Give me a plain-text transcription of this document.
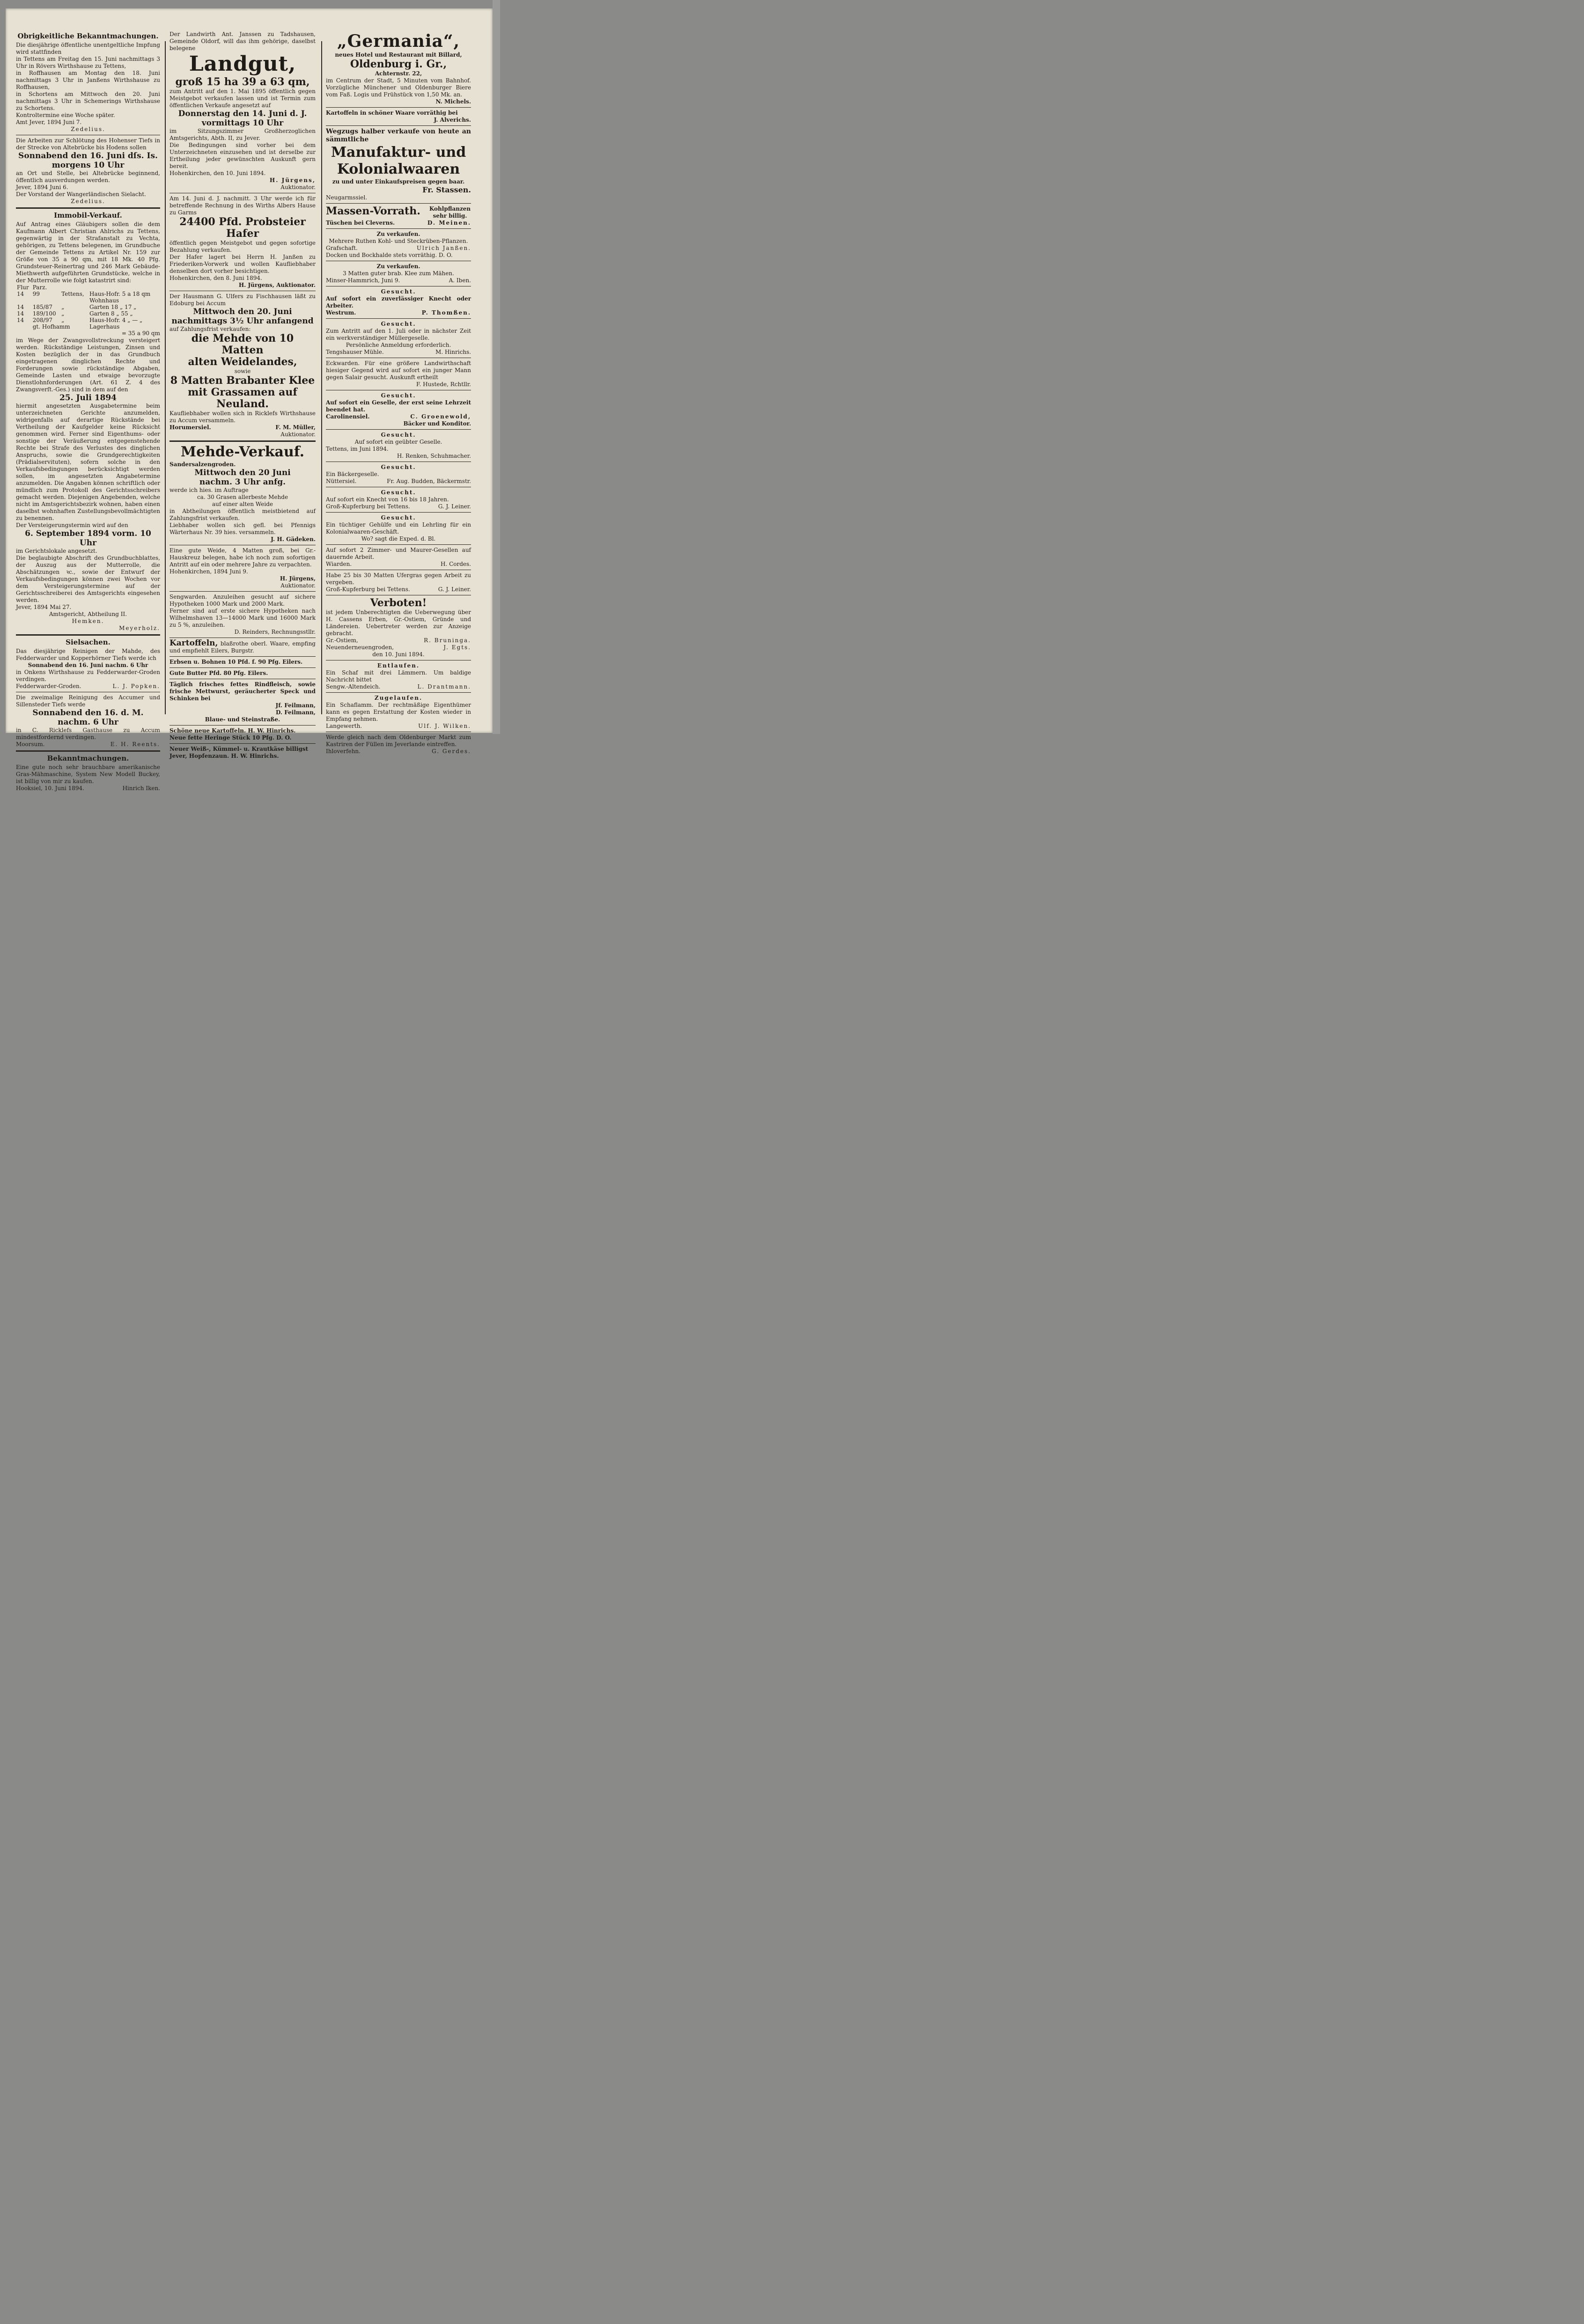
Obrigkeitliche Bekanntmachungen.

Die diesjährige öffentliche unentgeltliche Impfung wird stattfinden

in Tettens am Freitag den 15. Juni nachmittags 3 Uhr in Rövers Wirthshause zu Tettens,

in Roffhausen am Montag den 18. Juni nachmittags 3 Uhr in Janßens Wirthshause zu Roffhausen,

in Schortens am Mittwoch den 20. Juni nachmittags 3 Uhr in Schemerings Wirthshause zu Schortens.

Kontroltermine eine Woche später.

Amt Jever, 1894 Juni 7.

Zedelius.

Die Arbeiten zur Schlötung des Hohenser Tiefs in der Strecke von Altebrücke bis Hodens sollen

Sonnabend den 16. Juni dſs. Is.
morgens 10 Uhr

an Ort und Stelle, bei Altebrücke beginnend, öffentlich ausverdungen werden.

Jever, 1894 Juni 6.

Der Vorstand der Wangerländischen Sielacht.

Zedelius.

Immobil-Verkauf.

Auf Antrag eines Gläubigers sollen die dem Kaufmann Albert Christian Ahlrichs zu Tettens, gegenwärtig in der Strafanstalt zu Vechta, gehörigen, zu Tettens belegenen, im Grundbuche der Gemeinde Tettens zu Artikel Nr. 159 zur Größe von 35 a 90 qm, mit 18 Mk. 40 Pfg. Grundsteuer-Reinertrag und 246 Mark Gebäude-Miethwerth aufgeführten Grundstücke, welche in der Mutterrolle wie folgt katastrirt sind:

Flur	Parz.		
14	99	Tettens,	Haus-Hofr. 5 a 18 qm
			Wohnhaus
14	185/87	„	Garten 18 „ 17 „
14	189/100	„	Garten 8 „ 55 „
14	208/97	„	Haus-Hofr. 4 „ — „
	gt. Hofhamm		Lagerhaus

= 35 a 90 qm

im Wege der Zwangsvollstreckung versteigert werden. Rückständige Leistungen, Zinsen und Kosten bezüglich der in das Grundbuch eingetragenen dinglichen Rechte und Forderungen sowie rückständige Abgaben, Gemeinde Lasten und etwaige bevorzugte Dienstlohnforderungen (Art. 61 Z. 4 des Zwangsverſt.-Ges.) sind in dem auf den

25. Juli 1894

hiermit angesetzten Ausgabetermine beim unterzeichneten Gerichte anzumelden, widrigenfalls auf derartige Rückstände bei Vertheilung der Kaufgelder keine Rücksicht genommen wird. Ferner sind Eigenthums- oder sonstige der Veräußerung entgegenstehende Rechte bei Strafe des Verlustes des dinglichen Anspruchs, sowie die Grundgerechtigkeiten (Prädialservituten), sofern solche in den Verkaufsbedingungen berücksichtigt werden sollen, im angesetzten Angabetermine anzumelden. Die Angaben können schriftlich oder mündlich zum Protokoll des Gerichtsschreibers gemacht werden. Diejenigen Angebenden, welche nicht im Amtsgerichtsbezirk wohnen, haben einen daselbst wohnhaften Zustellungsbevollmächtigten zu benennen.

Der Versteigerungstermin wird auf den

6. September 1894 vorm. 10 Uhr

im Gerichtslokale angesetzt.

Die beglaubigte Abschrift des Grundbuchblattes, der Auszug aus der Mutterrolle, die Abschätzungen ꝛc., sowie der Entwurf der Verkaufsbedingungen können zwei Wochen vor dem Versteigerungstermine auf der Gerichtsschreiberei des Amtsgerichts eingesehen werden.

Jever, 1894 Mai 27.

Amtsgericht, Abtheilung II.

Hemken.

Meyerholz.

Sielsachen.

Das diesjährige Reinigen der Mahde, des Fedderwarder und Kopperhörner Tiefs werde ich

Sonnabend den 16. Juni nachm. 6 Uhr

in Onkens Wirthshause zu Fedderwarder-Groden verdingen.

Fedderwarder-Groden.	L. J. Popken.

Die zweimalige Reinigung des Accumer und Sillensteder Tiefs werde

Sonnabend den 16. d. M.
nachm. 6 Uhr

in C. Ricklefs Gasthause zu Accum mindestfordernd verdingen.

Moorsum.	E. H. Reents.
Bekanntmachungen.

Eine gute noch sehr brauchbare amerikanische Gras-Mähmaschine, System New Modell Buckey, ist billig von mir zu kaufen.

Hooksiel, 10. Juni 1894.	Hinrich Iken.

Der Landwirth Ant. Janssen zu Tadshausen, Gemeinde Oldorf, will das ihm gehörige, daselbst belegene

Landgut,
groß 15 ha 39 a 63 qm,

zum Antritt auf den 1. Mai 1895 öffentlich gegen Meistgebot verkaufen lassen und ist Termin zum öffentlichen Verkaufe angesetzt auf

Donnerstag den 14. Juni d. J.
vormittags 10 Uhr

im Sitzungszimmer Großherzoglichen Amtsgerichts, Abth. II, zu Jever.

Die Bedingungen sind vorher bei dem Unterzeichneten einzusehen und ist derselbe zur Ertheilung jeder gewünschten Auskunft gern bereit.

Hohenkirchen, den 10. Juni 1894.

H. Jürgens,

Auktionator.

Am 14. Juni d. J. nachmitt. 3 Uhr werde ich für betreffende Rechnung in des Wirths Albers Hause zu Garms

24400 Pfd. Probsteier Hafer

öffentlich gegen Meistgebot und gegen sofortige Bezahlung verkaufen.

Der Hafer lagert bei Herrn H. Janßen zu Friederiken-Vorwerk und wollen Kaufliebhaber denselben dort vorher besichtigen.

Hohenkirchen, den 8. Juni 1894.

H. Jürgens, Auktionator.

Der Hausmann G. Ulfers zu Fischhausen läßt zu Edoburg bei Accum

Mittwoch den 20. Juni
nachmittags 3½ Uhr anfangend

auf Zahlungsfrist verkaufen:

die Mehde von 10 Matten
alten Weidelandes,

sowie

8 Matten Brabanter Klee
mit Grassamen auf Neuland.

Kaufliebhaber wollen sich in Ricklefs Wirthshause zu Accum versammeln.

Horumersiel.	F. M. Müller,

Auktionator.

Mehde-Verkauf.

Sandersalzengroden.

Mittwoch den 20 Juni
nachm. 3 Uhr anfg.

werde ich hies. im Auftrage

ca. 30 Grasen allerbeste Mehde

auf einer alten Weide

in Abtheilungen öffentlich meistbietend auf Zahlungsfrist verkaufen.

Liebhaber wollen sich gefl. bei Pfennigs Wärterhaus Nr. 39 hies. versammeln.

J. H. Gädeken.

Eine gute Weide, 4 Matten groß, bei Gr.-Hauskreuz belegen, habe ich noch zum sofortigen Antritt auf ein oder mehrere Jahre zu verpachten.

Hohenkirchen, 1894 Juni 9.

H. Jürgens,

Auktionator.

Sengwarden. Anzuleihen gesucht auf sichere Hypotheken 1000 Mark und 2000 Mark.

Ferner sind auf erste sichere Hypotheken nach Wilhelmshaven 13—14000 Mark und 16000 Mark zu 5 %, anzuleihen.

D. Reinders, Rechnungsstllr.

Kartoffeln, blaßrothe oberl. Waare, empfing und empfiehlt Eilers, Burgstr.

Erbsen u. Bohnen 10 Pfd. f. 90 Pfg. Eilers.

Gute Butter Pfd. 80 Pfg. Eilers.

Täglich frisches fettes Rindfleisch, sowie frische Mettwurst, geräucherter Speck und Schinken bei

Jf. Feilmann,

D. Feilmann,

Blaue- und Steinstraße.

Schöne neue Kartoffeln. H. W. Hinrichs.

Neue fette Heringe Stück 10 Pfg. D. O.

Neuer Weiß-, Kümmel- u. Krautkäse billigst

Jever, Hopfenzaun. H. W. Hinrichs.

„Germania“,

neues Hotel und Restaurant mit Billard,

Oldenburg i. Gr.,

Achternstr. 22,

im Centrum der Stadt, 5 Minuten vom Bahnhof. Vorzügliche Münchener und Oldenburger Biere vom Faß. Logis und Frühstück von 1,50 Mk. an.

N. Michels.

Kartoffeln in schöner Waare vorräthig bei

J. Alverichs.

Wegzugs halber verkaufe von heute an sämmtliche

Manufaktur- und
Kolonialwaaren

zu und unter Einkaufspreisen gegen baar.

Fr. Stassen.

Neugarmssiel.

Massen-Vorrath. Kohlpflanzen sehr billig.
Tüschen bei Cleverns.	D. Meinen.

Zu verkaufen.

Mehrere Ruthen Kohl- und Steckrüben-Pflanzen.

Grafschaft.	Ulrich Janßen.

Docken und Bockhalde stets vorräthig. D. O.

Zu verkaufen.

3 Matten guter brab. Klee zum Mähen.

Minser-Hammrich, Juni 9.	A. Iben.

Gesucht.

Auf sofort ein zuverlässiger Knecht oder Arbeiter.

Westrum.	P. Thomßen.

Gesucht.

Zum Antritt auf den 1. Juli oder in nächster Zeit ein werkverständiger Müllergeselle.

Persönliche Anmeldung erforderlich.

Tengshauser Mühle.	M. Hinrichs.

Eckwarden. Für eine größere Landwirthschaft hiesiger Gegend wird auf sofort ein junger Mann gegen Salair gesucht. Auskunft ertheilt

F. Hustede, Rchtllr.

Gesucht.

Auf sofort ein Geselle, der erst seine Lehrzeit beendet hat.

Carolinensiel.	C. Groenewold,

Bäcker und Konditor.

Gesucht.

Auf sofort ein geübter Geselle.

Tettens, im Juni 1894.

H. Renken, Schuhmacher.

Gesucht.

Ein Bäckergeselle.

Nüttersiel.	Fr. Aug. Budden, Bäckermstr.

Gesucht.

Auf sofort ein Knecht von 16 bis 18 Jahren.

Groß-Kupferburg bei Tettens.	G. J. Leiner.

Gesucht.

Ein tüchtiger Gehülfe und ein Lehrling für ein Kolonialwaaren-Geschäft.

Wo? sagt die Exped. d. Bl.

Auf sofort 2 Zimmer- und Maurer-Gesellen auf dauernde Arbeit.

Wiarden.	H. Cordes.

Habe 25 bis 30 Matten Ufergras gegen Arbeit zu vergeben.

Groß-Kupferburg bei Tettens.	G. J. Leiner.
Verboten!

ist jedem Unberechtigten die Ueberwegung über H. Cassens Erben, Gr.-Ostiem, Gründe und Ländereien. Uebertreter werden zur Anzeige gebracht.

Gr.-Ostiem,	R. Bruninga.
Neuenderneuengroden,	J. Egts.

den 10. Juni 1894.

Entlaufen.

Ein Schaf mit drei Lämmern. Um baldige Nachricht bittet

Sengw.-Altendeich.	L. Drantmann.

Zugelaufen.

Ein Schaflamm. Der rechtmäßige Eigenthümer kann es gegen Erstattung der Kosten wieder in Empfang nehmen.

Langewerth.	Ulf. J. Wilken.

Werde gleich nach dem Oldenburger Markt zum Kastriren der Füllen im Jeverlande eintreffen.

Ihloverfehn.	G. Gerdes.
